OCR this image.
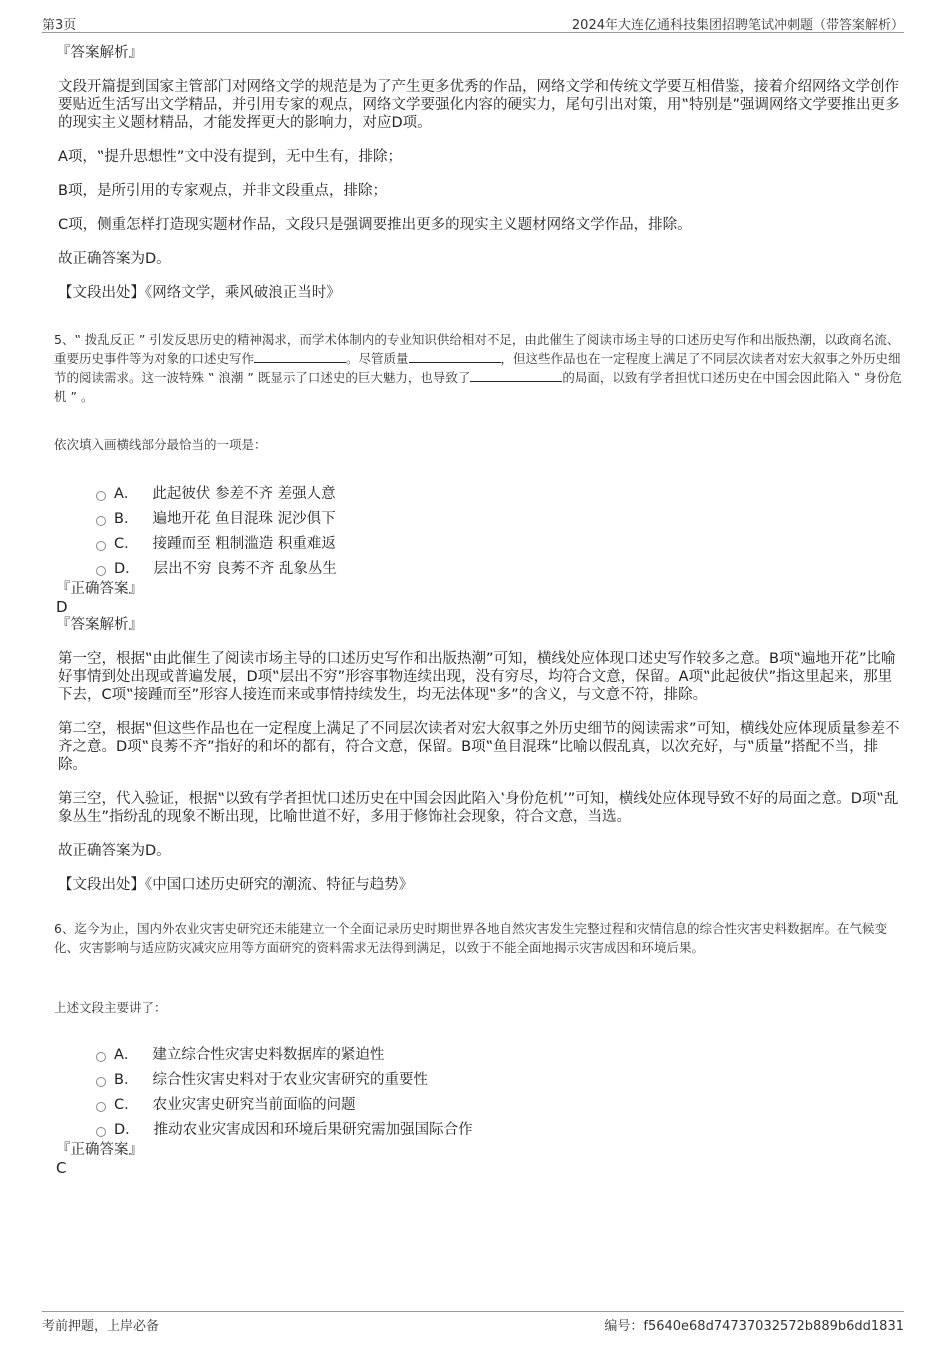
第3页	2024年大连亿通科技集团招聘笔试冲刺题（带答案解析）

『答案解析』

文段开篇提到国家主管部门对网络文学的规范是为了产生更多优秀的作品，网络文学和传统文学要互相借鉴，接着介绍网络文学创作要贴近生活写出文学精品，并引用专家的观点，网络文学要强化内容的硬实力，尾句引出对策，用‟特别是”强调网络文学要推出更多的现实主义题材精品，才能发挥更大的影响力，对应D项。

A项，‟提升思想性”文中没有提到，无中生有，排除；

B项，是所引用的专家观点，并非文段重点，排除；

C项，侧重怎样打造现实题材作品，文段只是强调要推出更多的现实主义题材网络文学作品，排除。

故正确答案为D。

【文段出处】《网络文学，乘风破浪正当时》

5、‟ 拨乱反正 ” 引发反思历史的精神渴求，而学术体制内的专业知识供给相对不足，由此催生了阅读市场主导的口述历史写作和出版热潮，以政商名流、重要历史事件等为对象的口述史写作	。尽管质量	，但这些作品也在一定程度上满足了不同层次读者对宏大叙事之外历史细节的阅读需求。这一波特殊 ‟ 浪潮 ” 既显示了口述史的巨大魅力，也导致了	的局面，以致有学者担忧口述历史在中国会因此陷入 ‟ 身份危机 ” 。

依次填入画横线部分最恰当的一项是：

A． 此起彼伏 参差不齐 差强人意
B． 遍地开花 鱼目混珠 泥沙俱下
C． 接踵而至 粗制滥造 积重难返
D． 层出不穷 良莠不齐 乱象丛生

『正确答案』

D

『答案解析』

第一空，根据‟由此催生了阅读市场主导的口述历史写作和出版热潮”可知，横线处应体现口述史写作较多之意。B项‟遍地开花”比喻好事情到处出现或普遍发展，D项‟层出不穷”形容事物连续出现，没有穷尽，均符合文意，保留。A项‟此起彼伏”指这里起来，那里下去，C项‟接踵而至”形容人接连而来或事情持续发生，均无法体现‟多”的含义，与文意不符，排除。

第二空，根据‟但这些作品也在一定程度上满足了不同层次读者对宏大叙事之外历史细节的阅读需求”可知，横线处应体现质量参差不齐之意。D项‟良莠不齐”指好的和坏的都有，符合文意，保留。B项‟鱼目混珠”比喻以假乱真，以次充好，与‟质量”搭配不当，排除。

第三空，代入验证，根据‟以致有学者担忧口述历史在中国会因此陷入‛身份危机’”可知，横线处应体现导致不好的局面之意。D项‟乱象丛生”指纷乱的现象不断出现，比喻世道不好，多用于修饰社会现象，符合文意，当选。

故正确答案为D。

【文段出处】《中国口述历史研究的潮流、特征与趋势》

6、迄今为止，国内外农业灾害史研究还未能建立一个全面记录历史时期世界各地自然灾害发生完整过程和灾情信息的综合性灾害史料数据库。在气候变化、灾害影响与适应防灾减灾应用等方面研究的资料需求无法得到满足，以致于不能全面地揭示灾害成因和环境后果。

上述文段主要讲了：

A． 建立综合性灾害史料数据库的紧迫性
B． 综合性灾害史料对于农业灾害研究的重要性
C． 农业灾害史研究当前面临的问题
D． 推动农业灾害成因和环境后果研究需加强国际合作

『正确答案』

C

考前押题，上岸必备	编号：f5640e68d74737032572b889b6dd1831
